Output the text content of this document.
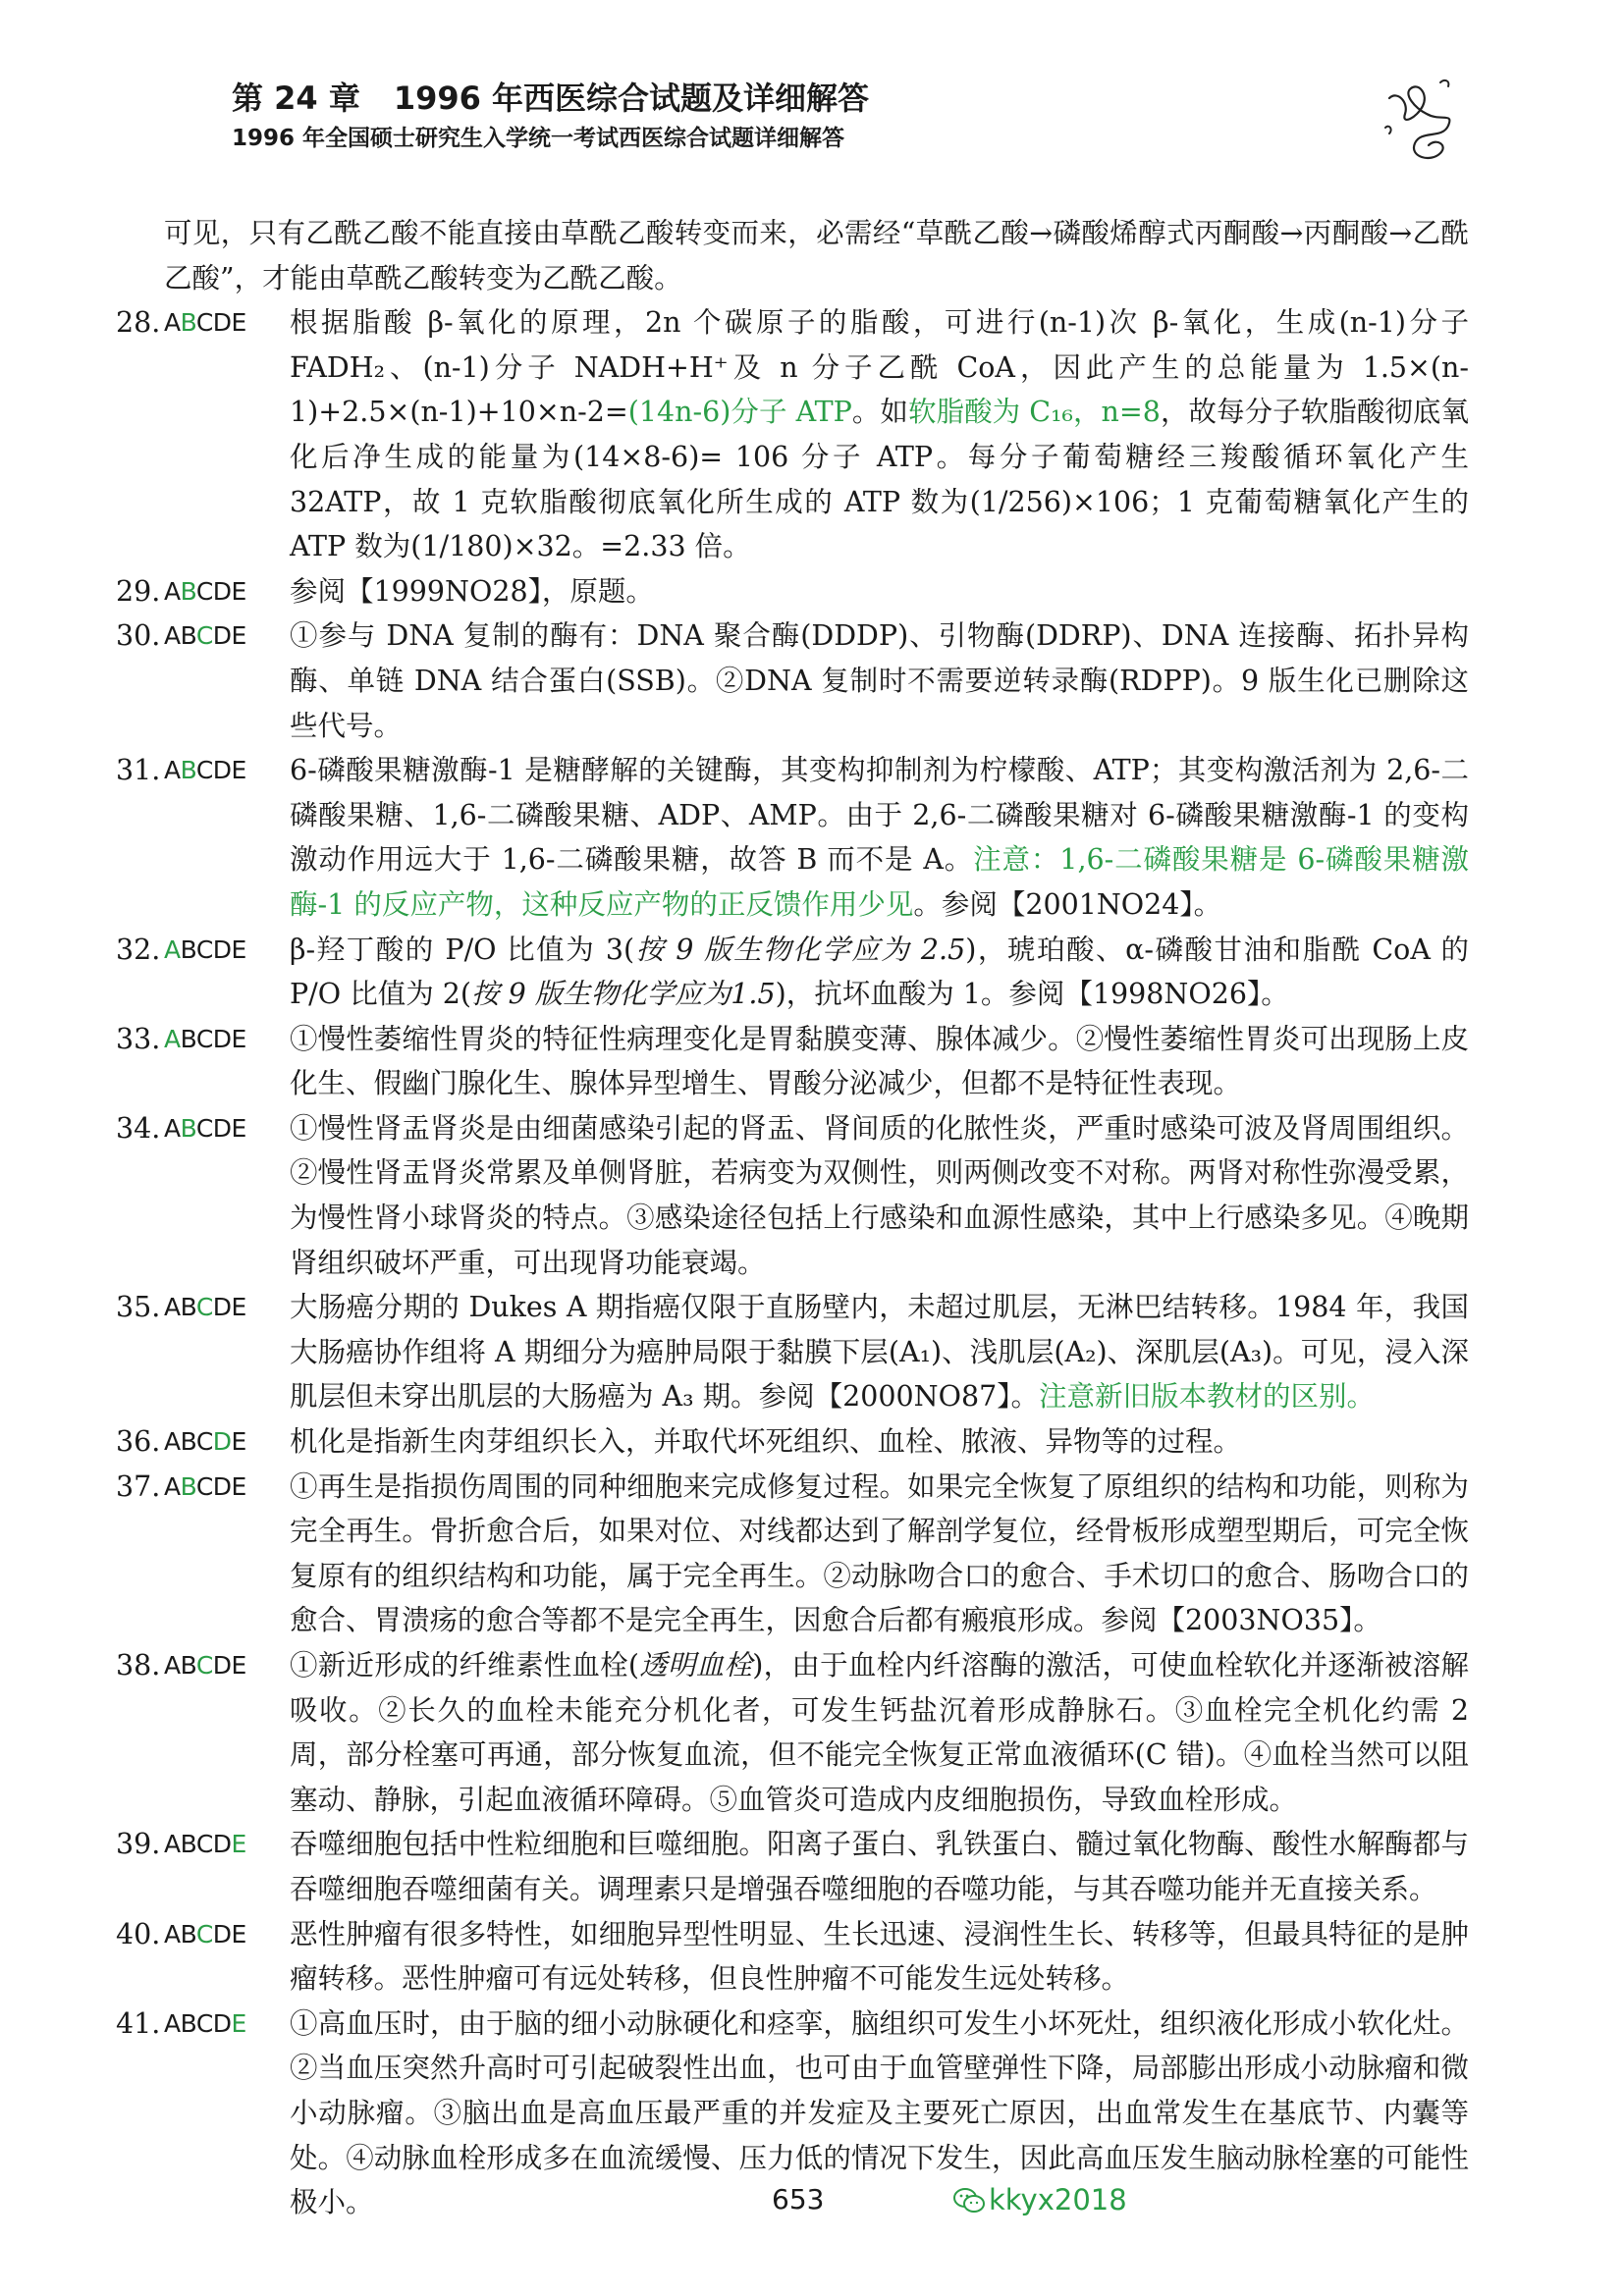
第 24 章 1996 年西医综合试题及详细解答
1996 年全国硕士研究生入学统一考试西医综合试题详细解答
可见，只有乙酰乙酸不能直接由草酰乙酸转变而来，必需经“草酰乙酸→磷酸烯醇式丙酮酸→丙酮酸→乙酰乙酸”，才能由草酰乙酸转变为乙酰乙酸。
28. ABCDE	根据脂酸 β-氧化的原理，2n 个碳原子的脂酸，可进行(n-1)次 β-氧化，生成(n-1)分子 FADH₂、(n-1)分子 NADH+H⁺及 n 分子乙酰 CoA，因此产生的总能量为 1.5×(n-1)+2.5×(n-1)+10×n-2=(14n-6)分子 ATP。如软脂酸为 C₁₆，n=8，故每分子软脂酸彻底氧化后净生成的能量为(14×8-6)= 106 分子 ATP。每分子葡萄糖经三羧酸循环氧化产生 32ATP，故 1 克软脂酸彻底氧化所生成的 ATP 数为(1/256)×106；1 克葡萄糖氧化产生的 ATP 数为(1/180)×32。=2.33 倍。
29. ABCDE	参阅【1999NO28】，原题。
30. ABCDE	①参与 DNA 复制的酶有：DNA 聚合酶(DDDP)、引物酶(DDRP)、DNA 连接酶、拓扑异构酶、单链 DNA 结合蛋白(SSB)。②DNA 复制时不需要逆转录酶(RDPP)。9 版生化已删除这些代号。
31. ABCDE	6-磷酸果糖激酶-1 是糖酵解的关键酶，其变构抑制剂为柠檬酸、ATP；其变构激活剂为 2,6-二磷酸果糖、1,6-二磷酸果糖、ADP、AMP。由于 2,6-二磷酸果糖对 6-磷酸果糖激酶-1 的变构激动作用远大于 1,6-二磷酸果糖，故答 B 而不是 A。注意：1,6-二磷酸果糖是 6-磷酸果糖激酶-1 的反应产物，这种反应产物的正反馈作用少见。参阅【2001NO24】。
32. ABCDE	β-羟丁酸的 P/O 比值为 3(按 9 版生物化学应为 2.5)，琥珀酸、α-磷酸甘油和脂酰 CoA 的 P/O 比值为 2(按 9 版生物化学应为1.5)，抗坏血酸为 1。参阅【1998NO26】。
33. ABCDE	①慢性萎缩性胃炎的特征性病理变化是胃黏膜变薄、腺体减少。②慢性萎缩性胃炎可出现肠上皮化生、假幽门腺化生、腺体异型增生、胃酸分泌减少，但都不是特征性表现。
34. ABCDE	①慢性肾盂肾炎是由细菌感染引起的肾盂、肾间质的化脓性炎，严重时感染可波及肾周围组织。②慢性肾盂肾炎常累及单侧肾脏，若病变为双侧性，则两侧改变不对称。两肾对称性弥漫受累，为慢性肾小球肾炎的特点。③感染途径包括上行感染和血源性感染，其中上行感染多见。④晚期肾组织破坏严重，可出现肾功能衰竭。
35. ABCDE	大肠癌分期的 Dukes A 期指癌仅限于直肠壁内，未超过肌层，无淋巴结转移。1984 年，我国大肠癌协作组将 A 期细分为癌肿局限于黏膜下层(A₁)、浅肌层(A₂)、深肌层(A₃)。可见，浸入深肌层但未穿出肌层的大肠癌为 A₃ 期。参阅【2000NO87】。注意新旧版本教材的区别。
36. ABCDE	机化是指新生肉芽组织长入，并取代坏死组织、血栓、脓液、异物等的过程。
37. ABCDE	①再生是指损伤周围的同种细胞来完成修复过程。如果完全恢复了原组织的结构和功能，则称为完全再生。骨折愈合后，如果对位、对线都达到了解剖学复位，经骨板形成塑型期后，可完全恢复原有的组织结构和功能，属于完全再生。②动脉吻合口的愈合、手术切口的愈合、肠吻合口的愈合、胃溃疡的愈合等都不是完全再生，因愈合后都有瘢痕形成。参阅【2003NO35】。
38. ABCDE	①新近形成的纤维素性血栓(透明血栓)，由于血栓内纤溶酶的激活，可使血栓软化并逐渐被溶解吸收。②长久的血栓未能充分机化者，可发生钙盐沉着形成静脉石。③血栓完全机化约需 2 周，部分栓塞可再通，部分恢复血流，但不能完全恢复正常血液循环(C 错)。④血栓当然可以阻塞动、静脉，引起血液循环障碍。⑤血管炎可造成内皮细胞损伤，导致血栓形成。
39. ABCDE	吞噬细胞包括中性粒细胞和巨噬细胞。阳离子蛋白、乳铁蛋白、髓过氧化物酶、酸性水解酶都与吞噬细胞吞噬细菌有关。调理素只是增强吞噬细胞的吞噬功能，与其吞噬功能并无直接关系。
40. ABCDE	恶性肿瘤有很多特性，如细胞异型性明显、生长迅速、浸润性生长、转移等，但最具特征的是肿瘤转移。恶性肿瘤可有远处转移，但良性肿瘤不可能发生远处转移。
41. ABCDE	①高血压时，由于脑的细小动脉硬化和痉挛，脑组织可发生小坏死灶，组织液化形成小软化灶。②当血压突然升高时可引起破裂性出血，也可由于血管壁弹性下降，局部膨出形成小动脉瘤和微小动脉瘤。③脑出血是高血压最严重的并发症及主要死亡原因，出血常发生在基底节、内囊等处。④动脉血栓形成多在血流缓慢、压力低的情况下发生，因此高血压发生脑动脉栓塞的可能性极小。	653	kkyx2018
